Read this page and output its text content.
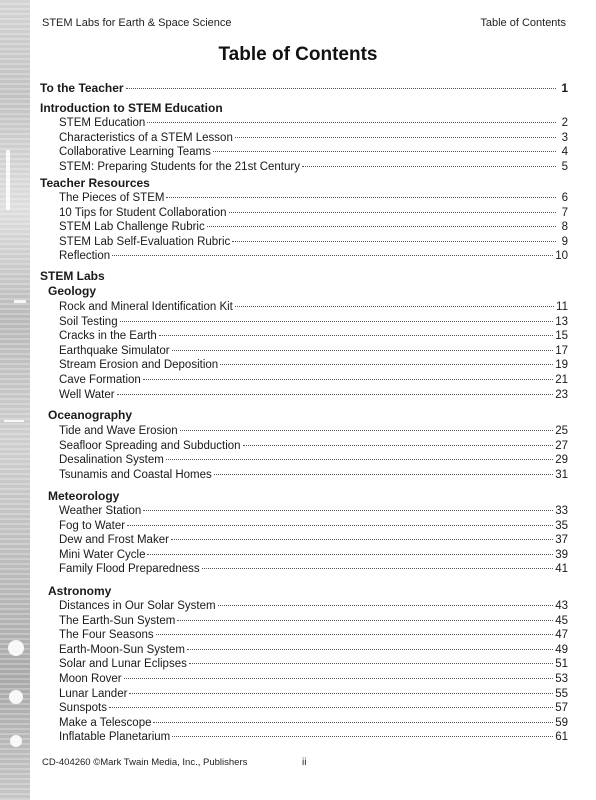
STEM Labs for Earth & Space Science	Table of Contents
Table of Contents
To the Teacher	1
Introduction to STEM Education
STEM Education	2
Characteristics of a STEM Lesson	3
Collaborative Learning Teams	4
STEM: Preparing Students for the 21st Century	5
Teacher Resources
The Pieces of STEM	6
10 Tips for Student Collaboration	7
STEM Lab Challenge Rubric	8
STEM Lab Self-Evaluation Rubric	9
Reflection	10
STEM Labs
Geology
Rock and Mineral Identification Kit	11
Soil Testing	13
Cracks in the Earth	15
Earthquake Simulator	17
Stream Erosion and Deposition	19
Cave Formation	21
Well Water	23
Oceanography
Tide and Wave Erosion	25
Seafloor Spreading and Subduction	27
Desalination System	29
Tsunamis and Coastal Homes	31
Meteorology
Weather Station	33
Fog to Water	35
Dew and Frost Maker	37
Mini Water Cycle	39
Family Flood Preparedness	41
Astronomy
Distances in Our Solar System	43
The Earth-Sun System	45
The Four Seasons	47
Earth-Moon-Sun System	49
Solar and Lunar Eclipses	51
Moon Rover	53
Lunar Lander	55
Sunspots	57
Make a Telescope	59
Inflatable Planetarium	61
CD-404260 ©Mark Twain Media, Inc., Publishers	ii
